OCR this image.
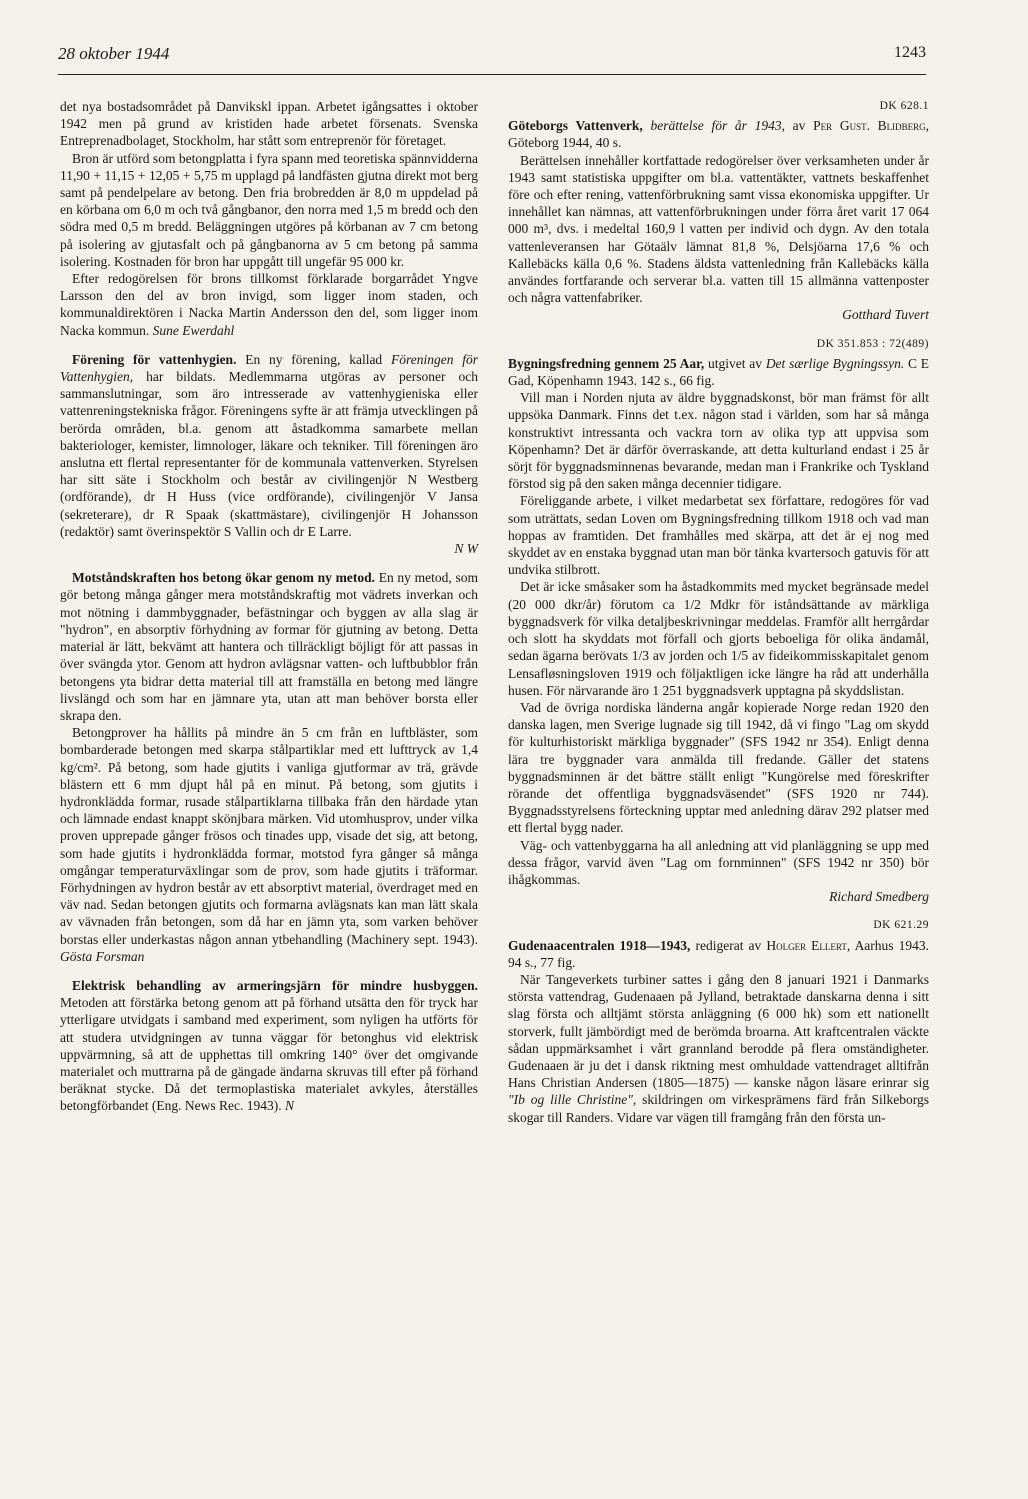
28 oktober 1944	1243

det nya bostadsområdet på Danvikskl ippan. Arbetet igångsattes i oktober 1942 men på grund av kristiden hade arbetet försenats. Svenska Entreprenadbolaget, Stockholm, har stått som entreprenör för företaget.

Bron är utförd som betongplatta i fyra spann med teoretiska spännvidderna 11,90 + 11,15 + 12,05 + 5,75 m upplagd på landfästen gjutna direkt mot berg samt på pendelpelare av betong. Den fria brobredden är 8,0 m uppdelad på en körbana om 6,0 m och två gångbanor, den norra med 1,5 m bredd och den södra med 0,5 m bredd. Beläggningen utgöres på körbanan av 7 cm betong på isolering av gjutasfalt och på gångbanorna av 5 cm betong på samma isolering. Kostnaden för bron har uppgått till ungefär 95 000 kr.

Efter redogörelsen för brons tillkomst förklarade borgarrådet Yngve Larsson den del av bron invigd, som ligger inom staden, och kommunaldirektören i Nacka Martin Andersson den del, som ligger inom Nacka kommun. Sune Ewerdahl

Förening för vattenhygien. En ny förening, kallad Föreningen för Vattenhygien, har bildats. Medlemmarna utgöras av personer och sammanslutningar, som äro intresserade av vattenhygieniska eller vattenreningstekniska frågor. Föreningens syfte är att främja utvecklingen på berörda områden, bl.a. genom att åstadkomma samarbete mellan bakteriologer, kemister, limnologer, läkare och tekniker. Till föreningen äro anslutna ett flertal representanter för de kommunala vattenverken. Styrelsen har sitt säte i Stockholm och består av civilingenjör N Westberg (ordförande), dr H Huss (vice ordförande), civilingenjör V Jansa (sekreterare), dr R Spaak (skattmästare), civilingenjör H Johansson (redaktör) samt överinspektör S Vallin och dr E Larre.

N W

Motståndskraften hos betong ökar genom ny metod. En ny metod, som gör betong många gånger mera motståndskraftig mot vädrets inverkan och mot nötning i dammbyggnader, befästningar och byggen av alla slag är "hydron", en absorptiv förhydning av formar för gjutning av betong. Detta material är lätt, bekvämt att hantera och tillräckligt böjligt för att passas in över svängda ytor. Genom att hydron avlägsnar vatten- och luftbubblor från betongens yta bidrar detta material till att framställa en betong med längre livslängd och som har en jämnare yta, utan att man behöver borsta eller skrapa den.

Betongprover ha hållits på mindre än 5 cm från en luftbläster, som bombarderade betongen med skarpa stålpartiklar med ett lufttryck av 1,4 kg/cm². På betong, som hade gjutits i vanliga gjutformar av trä, grävde blästern ett 6 mm djupt hål på en minut. På betong, som gjutits i hydronklädda formar, rusade stålpartiklarna tillbaka från den härdade ytan och lämnade endast knappt skönjbara märken. Vid utomhusprov, under vilka proven upprepade gånger frösos och tinades upp, visade det sig, att betong, som hade gjutits i hydronklädda formar, motstod fyra gånger så många omgångar temperaturväxlingar som de prov, som hade gjutits i träformar. Förhydningen av hydron består av ett absorptivt material, överdraget med en väv nad. Sedan betongen gjutits och formarna avlägsnats kan man lätt skala av vävnaden från betongen, som då har en jämn yta, som varken behöver borstas eller underkastas någon annan ytbehandling (Machinery sept. 1943). Gösta Forsman

Elektrisk behandling av armeringsjärn för mindre husbyggen. Metoden att förstärka betong genom att på förhand utsätta den för tryck har ytterligare utvidgats i samband med experiment, som nyligen ha utförts för att studera utvidgningen av tunna väggar för betonghus vid elektrisk uppvärmning, så att de upphettas till omkring 140° över det omgivande materialet och muttrarna på de gängade ändarna skruvas till efter på förhand beräknat stycke. Då det termoplastiska materialet avkyles, återställes betongförbandet (Eng. News Rec. 1943). N

DK 628.1

Göteborgs Vattenverk, berättelse för år 1943, av Per Gust. Blidberg, Göteborg 1944, 40 s.

Berättelsen innehåller kortfattade redogörelser över verksamheten under år 1943 samt statistiska uppgifter om bl.a. vattentäkter, vattnets beskaffenhet före och efter rening, vattenförbrukning samt vissa ekonomiska uppgifter. Ur innehållet kan nämnas, att vattenförbrukningen under förra året varit 17 064 000 m³, dvs. i medeltal 160,9 l vatten per individ och dygn. Av den totala vattenleveransen har Götaälv lämnat 81,8 %, Delsjöarna 17,6 % och Kallebäcks källa 0,6 %. Stadens äldsta vattenledning från Kallebäcks källa användes fortfarande och serverar bl.a. vatten till 15 allmänna vattenposter och några vattenfabriker.

Gotthard Tuvert
DK 351.853 : 72(489)

Bygningsfredning gennem 25 Aar, utgivet av Det særlige Bygningssyn. C E Gad, Köpenhamn 1943. 142 s., 66 fig.

Vill man i Norden njuta av äldre byggnadskonst, bör man främst för allt uppsöka Danmark. Finns det t.ex. någon stad i världen, som har så många konstruktivt intressanta och vackra torn av olika typ att uppvisa som Köpenhamn? Det är därför överraskande, att detta kulturland endast i 25 år sörjt för byggnadsminnenas bevarande, medan man i Frankrike och Tyskland förstod sig på den saken många decennier tidigare.

Föreliggande arbete, i vilket medarbetat sex författare, redogöres för vad som uträttats, sedan Loven om Bygningsfredning tillkom 1918 och vad man hoppas av framtiden. Det framhålles med skärpa, att det är ej nog med skyddet av en enstaka byggnad utan man bör tänka kvartersoch gatuvis för att undvika stilbrott.

Det är icke småsaker som ha åstadkommits med mycket begränsade medel (20 000 dkr/år) förutom ca 1/2 Mdkr för iståndsättande av märkliga byggnadsverk för vilka detaljbeskrivningar meddelas. Framför allt herrgårdar och slott ha skyddats mot förfall och gjorts beboeliga för olika ändamål, sedan ägarna berövats 1/3 av jorden och 1/5 av fideikommisskapitalet genom Lensafløsningsloven 1919 och följaktligen icke längre ha råd att underhålla husen. För närvarande äro 1 251 byggnadsverk upptagna på skyddslistan.

Vad de övriga nordiska länderna angår kopierade Norge redan 1920 den danska lagen, men Sverige lugnade sig till 1942, då vi fingo "Lag om skydd för kulturhistoriskt märkliga byggnader" (SFS 1942 nr 354). Enligt denna lära tre byggnader vara anmälda till fredande. Gäller det statens byggnadsminnen är det bättre ställt enligt "Kungörelse med föreskrifter rörande det offentliga byggnadsväsendet" (SFS 1920 nr 744). Byggnadsstyrelsens förteckning upptar med anledning därav 292 platser med ett flertal bygg nader.

Väg- och vattenbyggarna ha all anledning att vid planläggning se upp med dessa frågor, varvid även "Lag om fornminnen" (SFS 1942 nr 350) bör ihågkommas.

Richard Smedberg
DK 621.29

Gudenaacentralen 1918—1943, redigerat av Holger Ellert, Aarhus 1943. 94 s., 77 fig.

När Tangeverkets turbiner sattes i gång den 8 januari 1921 i Danmarks största vattendrag, Gudenaaen på Jylland, betraktade danskarna denna i sitt slag första och alltjämt största anläggning (6 000 hk) som ett nationellt storverk, fullt jämbördigt med de berömda broarna. Att kraftcentralen väckte sådan uppmärksamhet i vårt grannland berodde på flera omständigheter. Gudenaaen är ju det i dansk riktning mest omhuldade vattendraget alltifrån Hans Christian Andersen (1805—1875) — kanske någon läsare erinrar sig "Ib og lille Christine", skildringen om virkesprämens färd från Silkeborgs skogar till Randers. Vidare var vägen till framgång från den första un-
